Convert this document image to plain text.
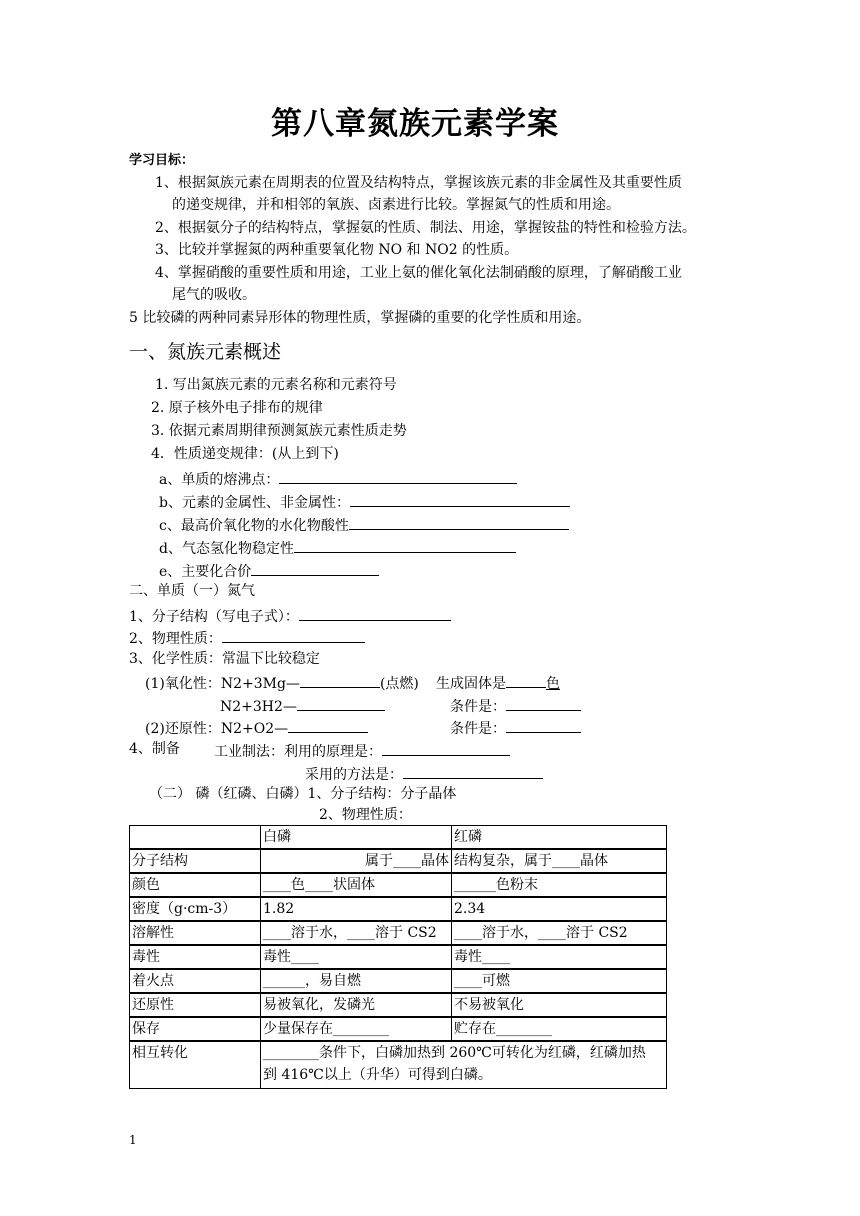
第八章氮族元素学案
学习目标：
1、根据氮族元素在周期表的位置及结构特点，掌握该族元素的非金属性及其重要性质
的递变规律，并和相邻的氧族、卤素进行比较。掌握氮气的性质和用途。
2、根据氨分子的结构特点，掌握氨的性质、制法、用途，掌握铵盐的特性和检验方法。
3、比较并掌握氮的两种重要氧化物 NO 和 NO2 的性质。
4、掌握硝酸的重要性质和用途，工业上氨的催化氧化法制硝酸的原理，了解硝酸工业
尾气的吸收。
5 比较磷的两种同素异形体的物理性质，掌握磷的重要的化学性质和用途。
一、氮族元素概述
1. 写出氮族元素的元素名称和元素符号
2. 原子核外电子排布的规律
3. 依据元素周期律预测氮族元素性质走势
4．性质递变规律：(从上到下)
a、单质的熔沸点：
b、元素的金属性、非金属性：
c、最高价氧化物的水化物酸性
d、气态氢化物稳定性
e、主要化合价
二、单质（一）氮气
1、分子结构（写电子式）：
2、物理性质：
3、化学性质：常温下比较稳定
(1)氧化性：N2+3Mg—	(点燃) 生成固体是	色
N2+3H2—	条件是：
(2)还原性：N2+O2—	条件是：
4、制备 工业制法：利用的原理是：
采用的方法是：
（二） 磷（红磷、白磷）1、分子结构：分子晶体
2、物理性质：
	白磷	红磷
分子结构	属于____晶体	结构复杂，属于____晶体
颜色	____色____状固体	______色粉末
密度（g·cm-3）	1.82	2.34
溶解性	____溶于水，____溶于 CS2	____溶于水，____溶于 CS2
毒性	毒性____	毒性____
着火点	______，易自燃	____可燃
还原性	易被氧化，发磷光	不易被氧化
保存	少量保存在________	贮存在________
相互转化	________条件下，白磷加热到 260℃可转化为红磷，红磷加热
到 416℃以上（升华）可得到白磷。	
1
